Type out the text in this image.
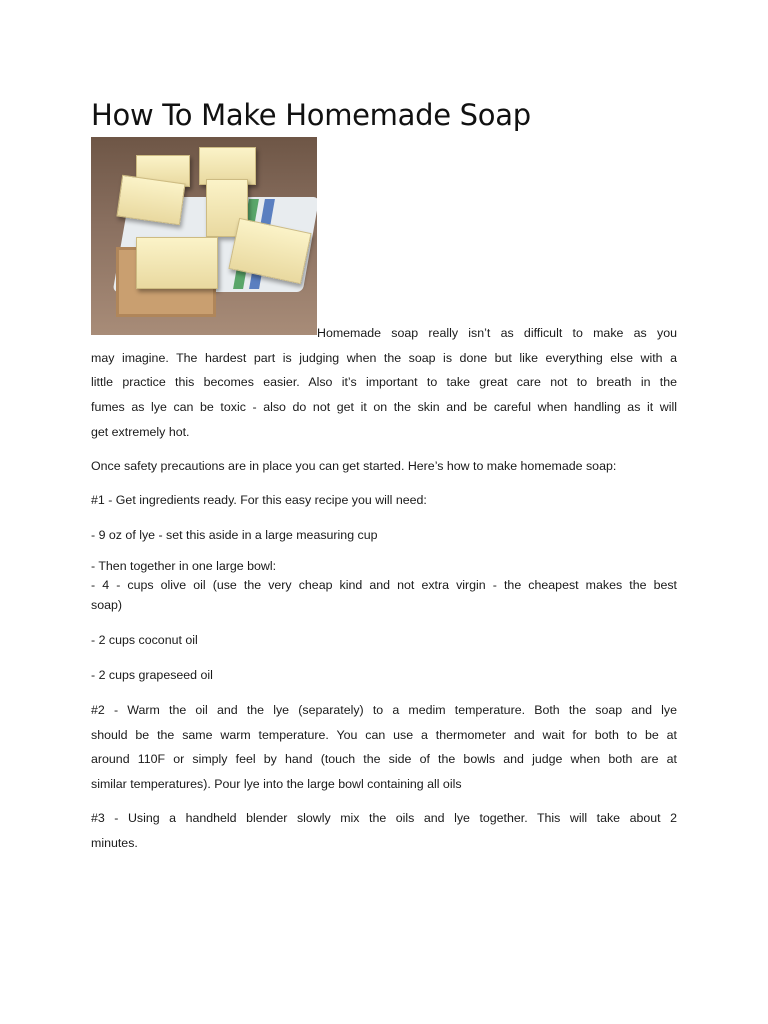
How To Make Homemade Soap
Homemade soap really isn’t as difficult to make as you
may imagine. The hardest part is judging when the soap is done but like everything else with a
little practice this becomes easier. Also it’s important to take great care not to breath in the
fumes as lye can be toxic - also do not get it on the skin and be careful when handling as it will
get extremely hot.
Once safety precautions are in place you can get started. Here’s how to make homemade soap:
#1 - Get ingredients ready. For this easy recipe you will need:
- 9 oz of lye - set this aside in a large measuring cup
- Then together in one large bowl:
- 4 - cups olive oil (use the very cheap kind and not extra virgin - the cheapest makes the best
soap)
- 2 cups coconut oil
- 2 cups grapeseed oil
#2 - Warm the oil and the lye (separately) to a medim temperature. Both the soap and lye
should be the same warm temperature. You can use a thermometer and wait for both to be at
around 110F or simply feel by hand (touch the side of the bowls and judge when both are at
similar temperatures). Pour lye into the large bowl containing all oils
#3 - Using a handheld blender slowly mix the oils and lye together. This will take about 2
minutes.
